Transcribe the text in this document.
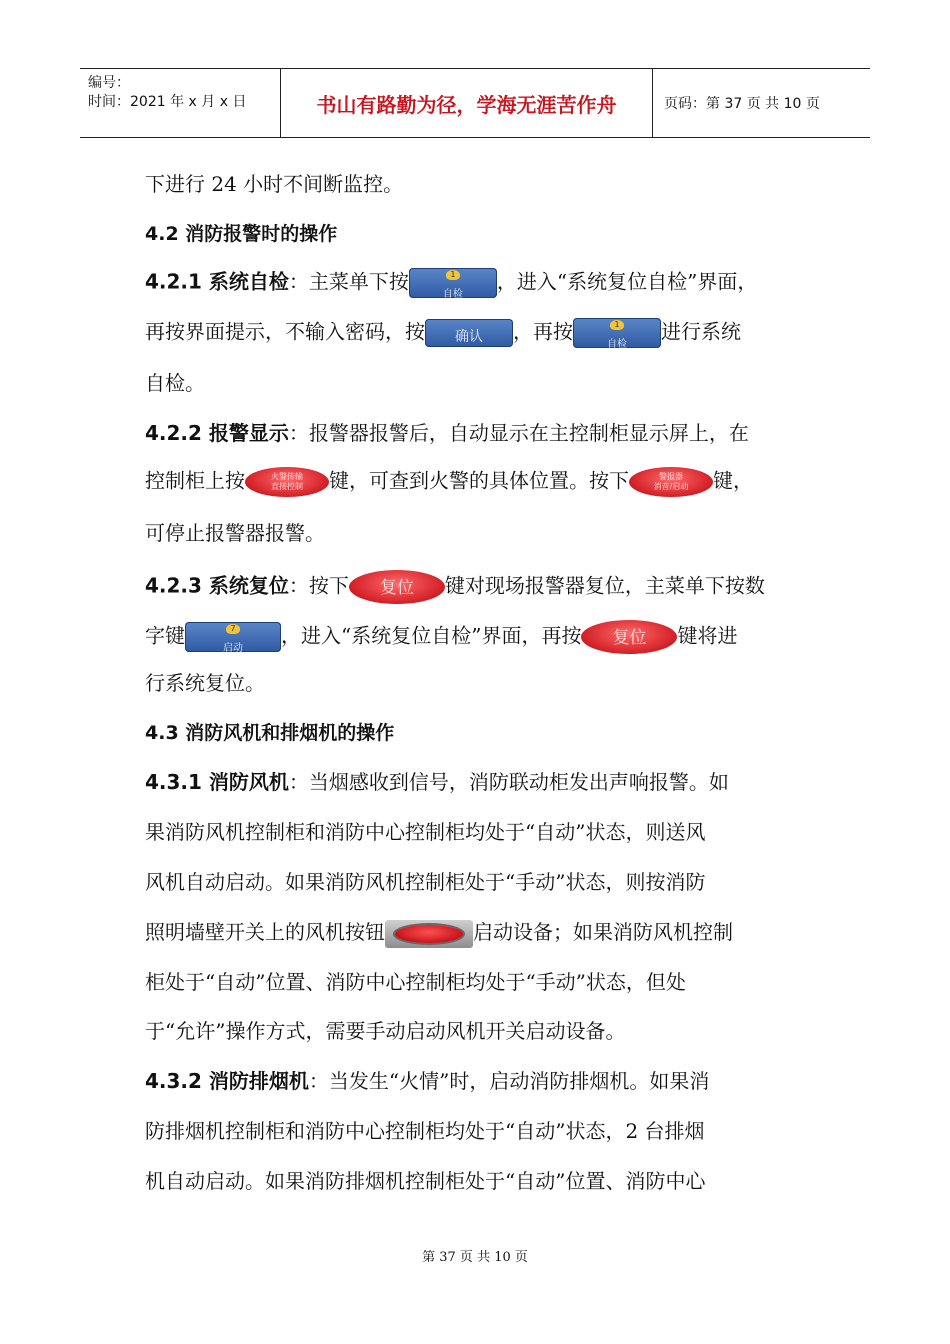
编号：
时间：2021 年 x 月 x 日	书山有路勤为径，学海无涯苦作舟	页码：第 37 页 共 10 页
下进行 24 小时不间断监控。
4.2 消防报警时的操作
4.2.1 系统自检：主菜单下按	1
自检
，进入“系统复位自检”界面，
再按界面提示，不输入密码，按	确认	，再按	1
自检
进行系统
自检。
4.2.2 报警显示：报警器报警后，自动显示在主控制柜显示屏上，在
控制柜上按	火警传输
直接控制	键，可查到火警的具体位置。按下	警报器
消音/启动	键，
可停止报警器报警。
4.2.3 系统复位：按下	复位	键对现场报警器复位，主菜单下按数
字键	7
启动
，进入“系统复位自检”界面，再按	复位	键将进
行系统复位。
4.3 消防风机和排烟机的操作
4.3.1 消防风机：当烟感收到信号，消防联动柜发出声响报警。如
果消防风机控制柜和消防中心控制柜均处于“自动”状态，则送风
风机自动启动。如果消防风机控制柜处于“手动”状态，则按消防
照明墙壁开关上的风机按钮	启动设备；如果消防风机控制
柜处于“自动”位置、消防中心控制柜均处于“手动”状态，但处
于“允许”操作方式，需要手动启动风机开关启动设备。
4.3.2 消防排烟机：当发生“火情”时，启动消防排烟机。如果消
防排烟机控制柜和消防中心控制柜均处于“自动”状态，2 台排烟
机自动启动。如果消防排烟机控制柜处于“自动”位置、消防中心
第 37 页 共 10 页
